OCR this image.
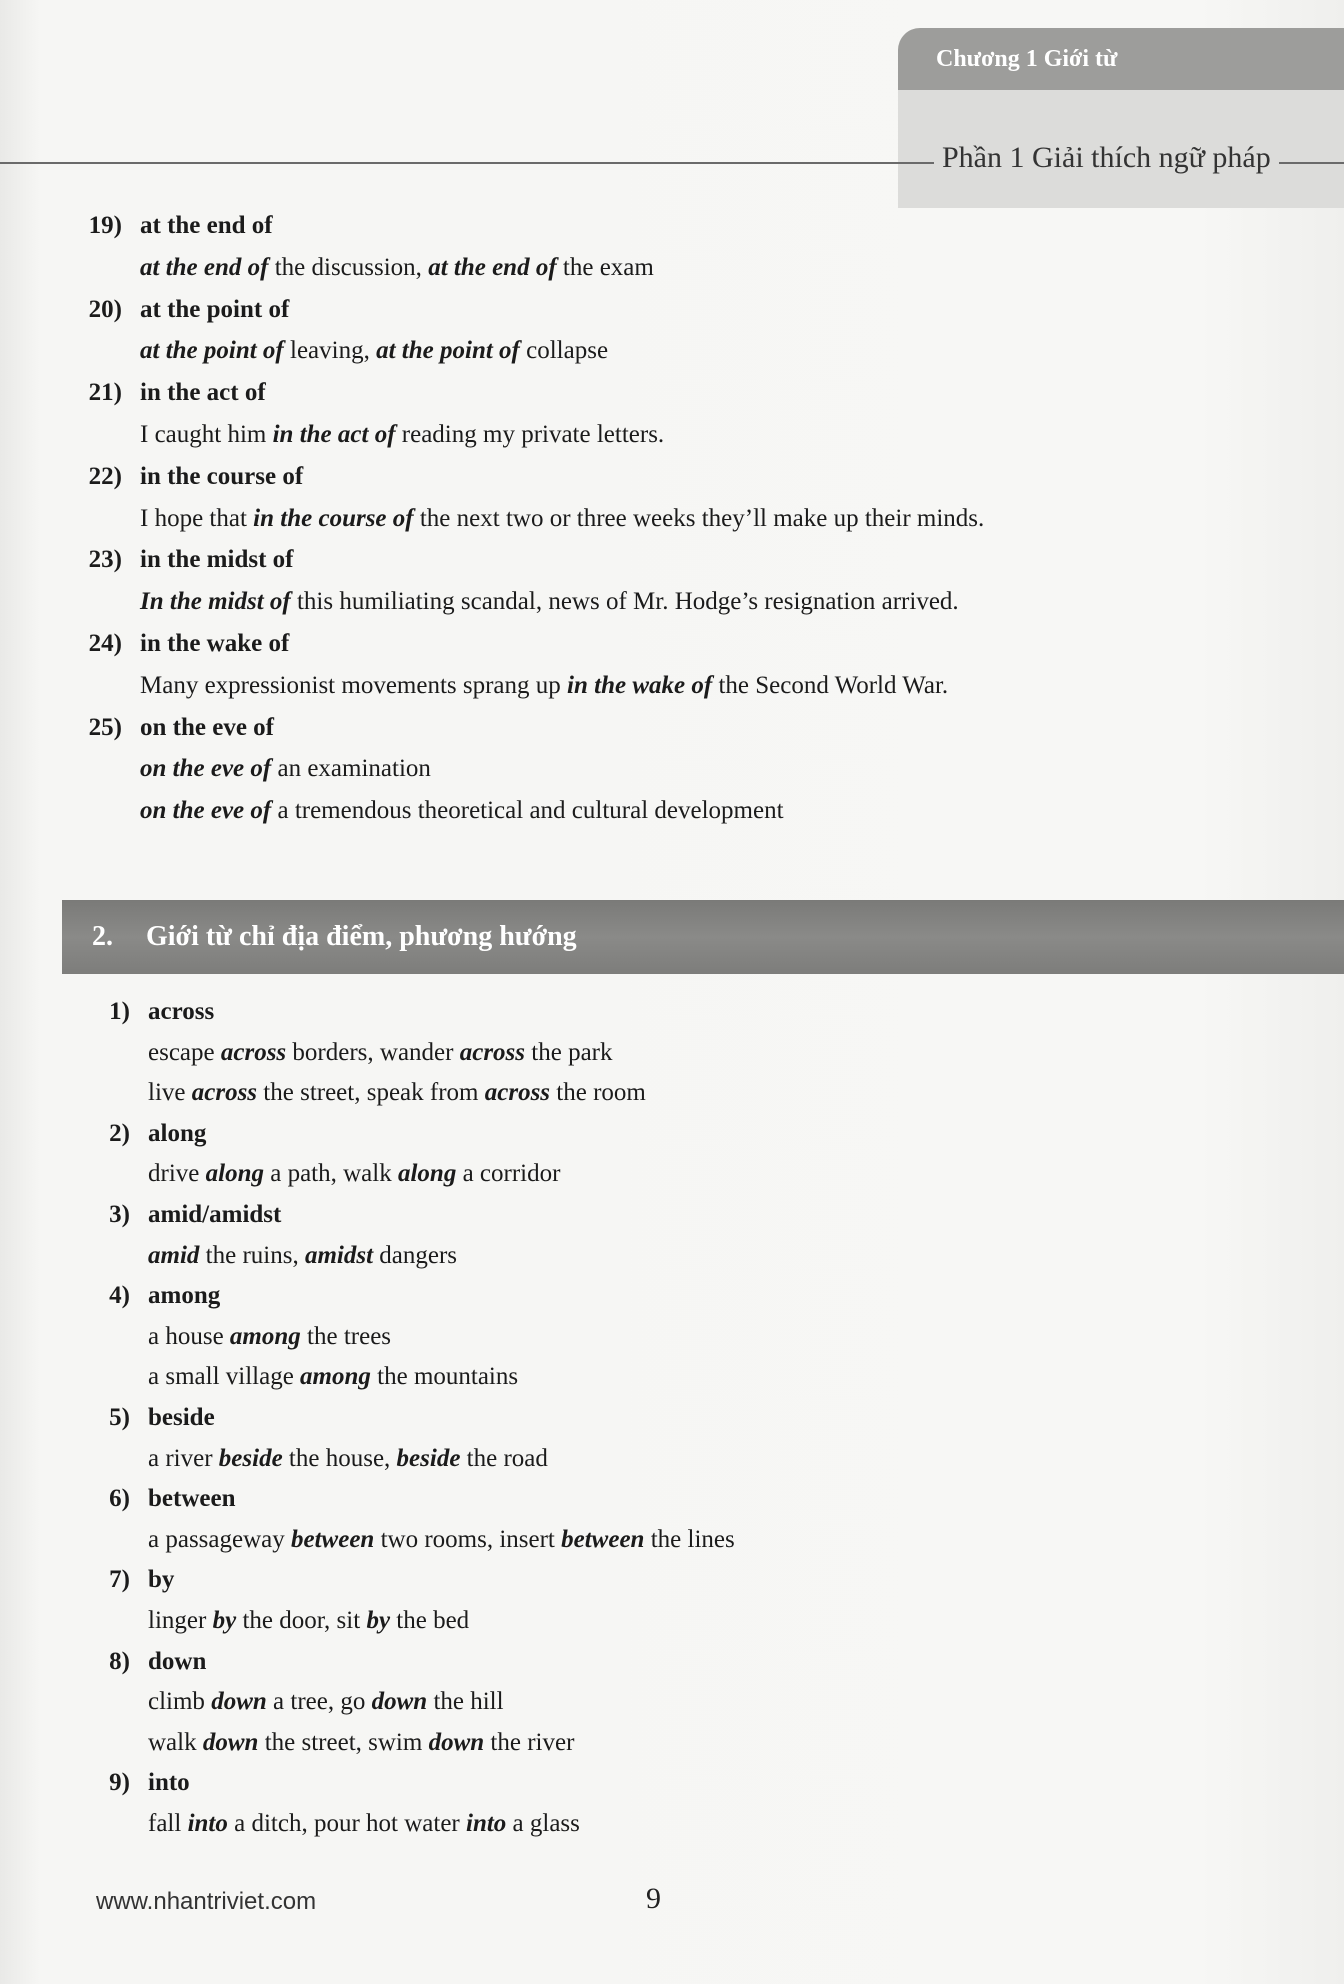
Chương 1 Giới từ
Phần 1 Giải thích ngữ pháp
19) at the end of
at the end of the discussion, at the end of the exam
20) at the point of
at the point of leaving, at the point of collapse
21) in the act of
I caught him in the act of reading my private letters.
22) in the course of
I hope that in the course of the next two or three weeks they’ll make up their minds.
23) in the midst of
In the midst of this humiliating scandal, news of Mr. Hodge’s resignation arrived.
24) in the wake of
Many expressionist movements sprang up in the wake of the Second World War.
25) on the eve of
on the eve of an examination
on the eve of a tremendous theoretical and cultural development
2. Giới từ chỉ địa điểm, phương hướng
1) across
escape across borders, wander across the park
live across the street, speak from across the room
2) along
drive along a path, walk along a corridor
3) amid/amidst
amid the ruins, amidst dangers
4) among
a house among the trees
a small village among the mountains
5) beside
a river beside the house, beside the road
6) between
a passageway between two rooms, insert between the lines
7) by
linger by the door, sit by the bed
8) down
climb down a tree, go down the hill
walk down the street, swim down the river
9) into
fall into a ditch, pour hot water into a glass
www.nhantriviet.com	9
